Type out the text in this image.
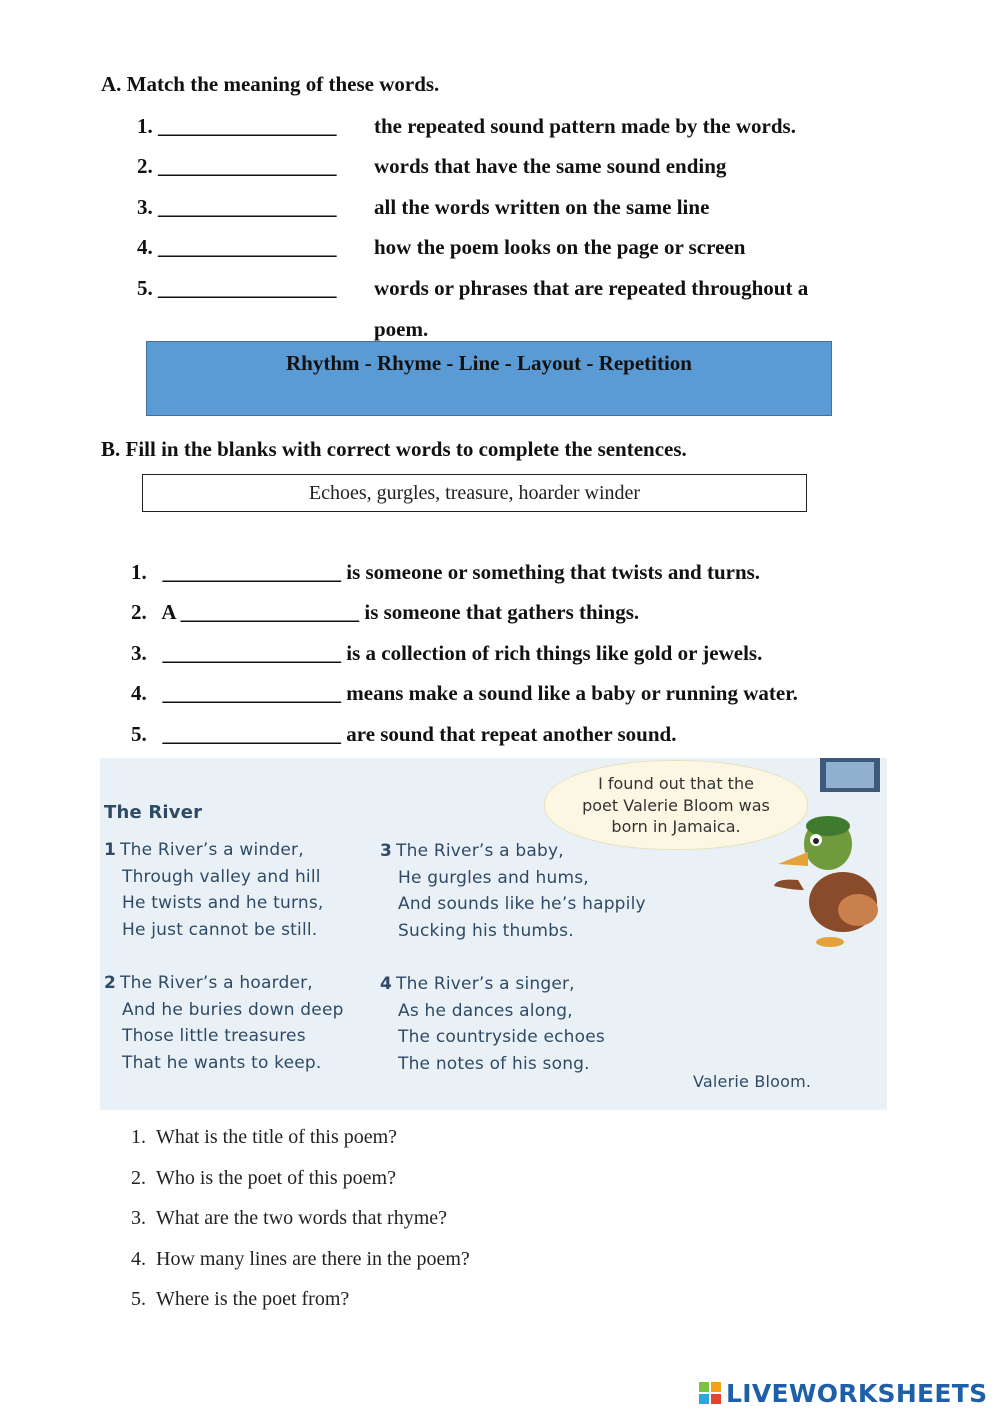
A. Match the meaning of these words.
1. _________________ the repeated sound pattern made by the words.
2. _________________ words that have the same sound ending
3. _________________ all the words written on the same line
4. _________________ how the poem looks on the page or screen
5. _________________ words or phrases that are repeated throughout a
poem.
Rhythm - Rhyme - Line - Layout - Repetition
B. Fill in the blanks with correct words to complete the sentences.
Echoes, gurgles, treasure, hoarder winder
1. _________________ is someone or something that twists and turns.
2. A _________________ is someone that gathers things.
3. _________________ is a collection of rich things like gold or jewels.
4. _________________ means make a sound like a baby or running water.
5. _________________ are sound that repeat another sound.
The River
1 The River’s a winder,
Through valley and hill
He twists and he turns,
He just cannot be still.
3 The River’s a baby,
He gurgles and hums,
And sounds like he’s happily
Sucking his thumbs.
2 The River’s a hoarder,
And he buries down deep
Those little treasures
That he wants to keep.
4 The River’s a singer,
As he dances along,
The countryside echoes
The notes of his song.
Valerie Bloom.
I found out that the
poet Valerie Bloom was
born in Jamaica.
1. What is the title of this poem?
2. Who is the poet of this poem?
3. What are the two words that rhyme?
4. How many lines are there in the poem?
5. Where is the poet from?
LIVEWORKSHEETS
